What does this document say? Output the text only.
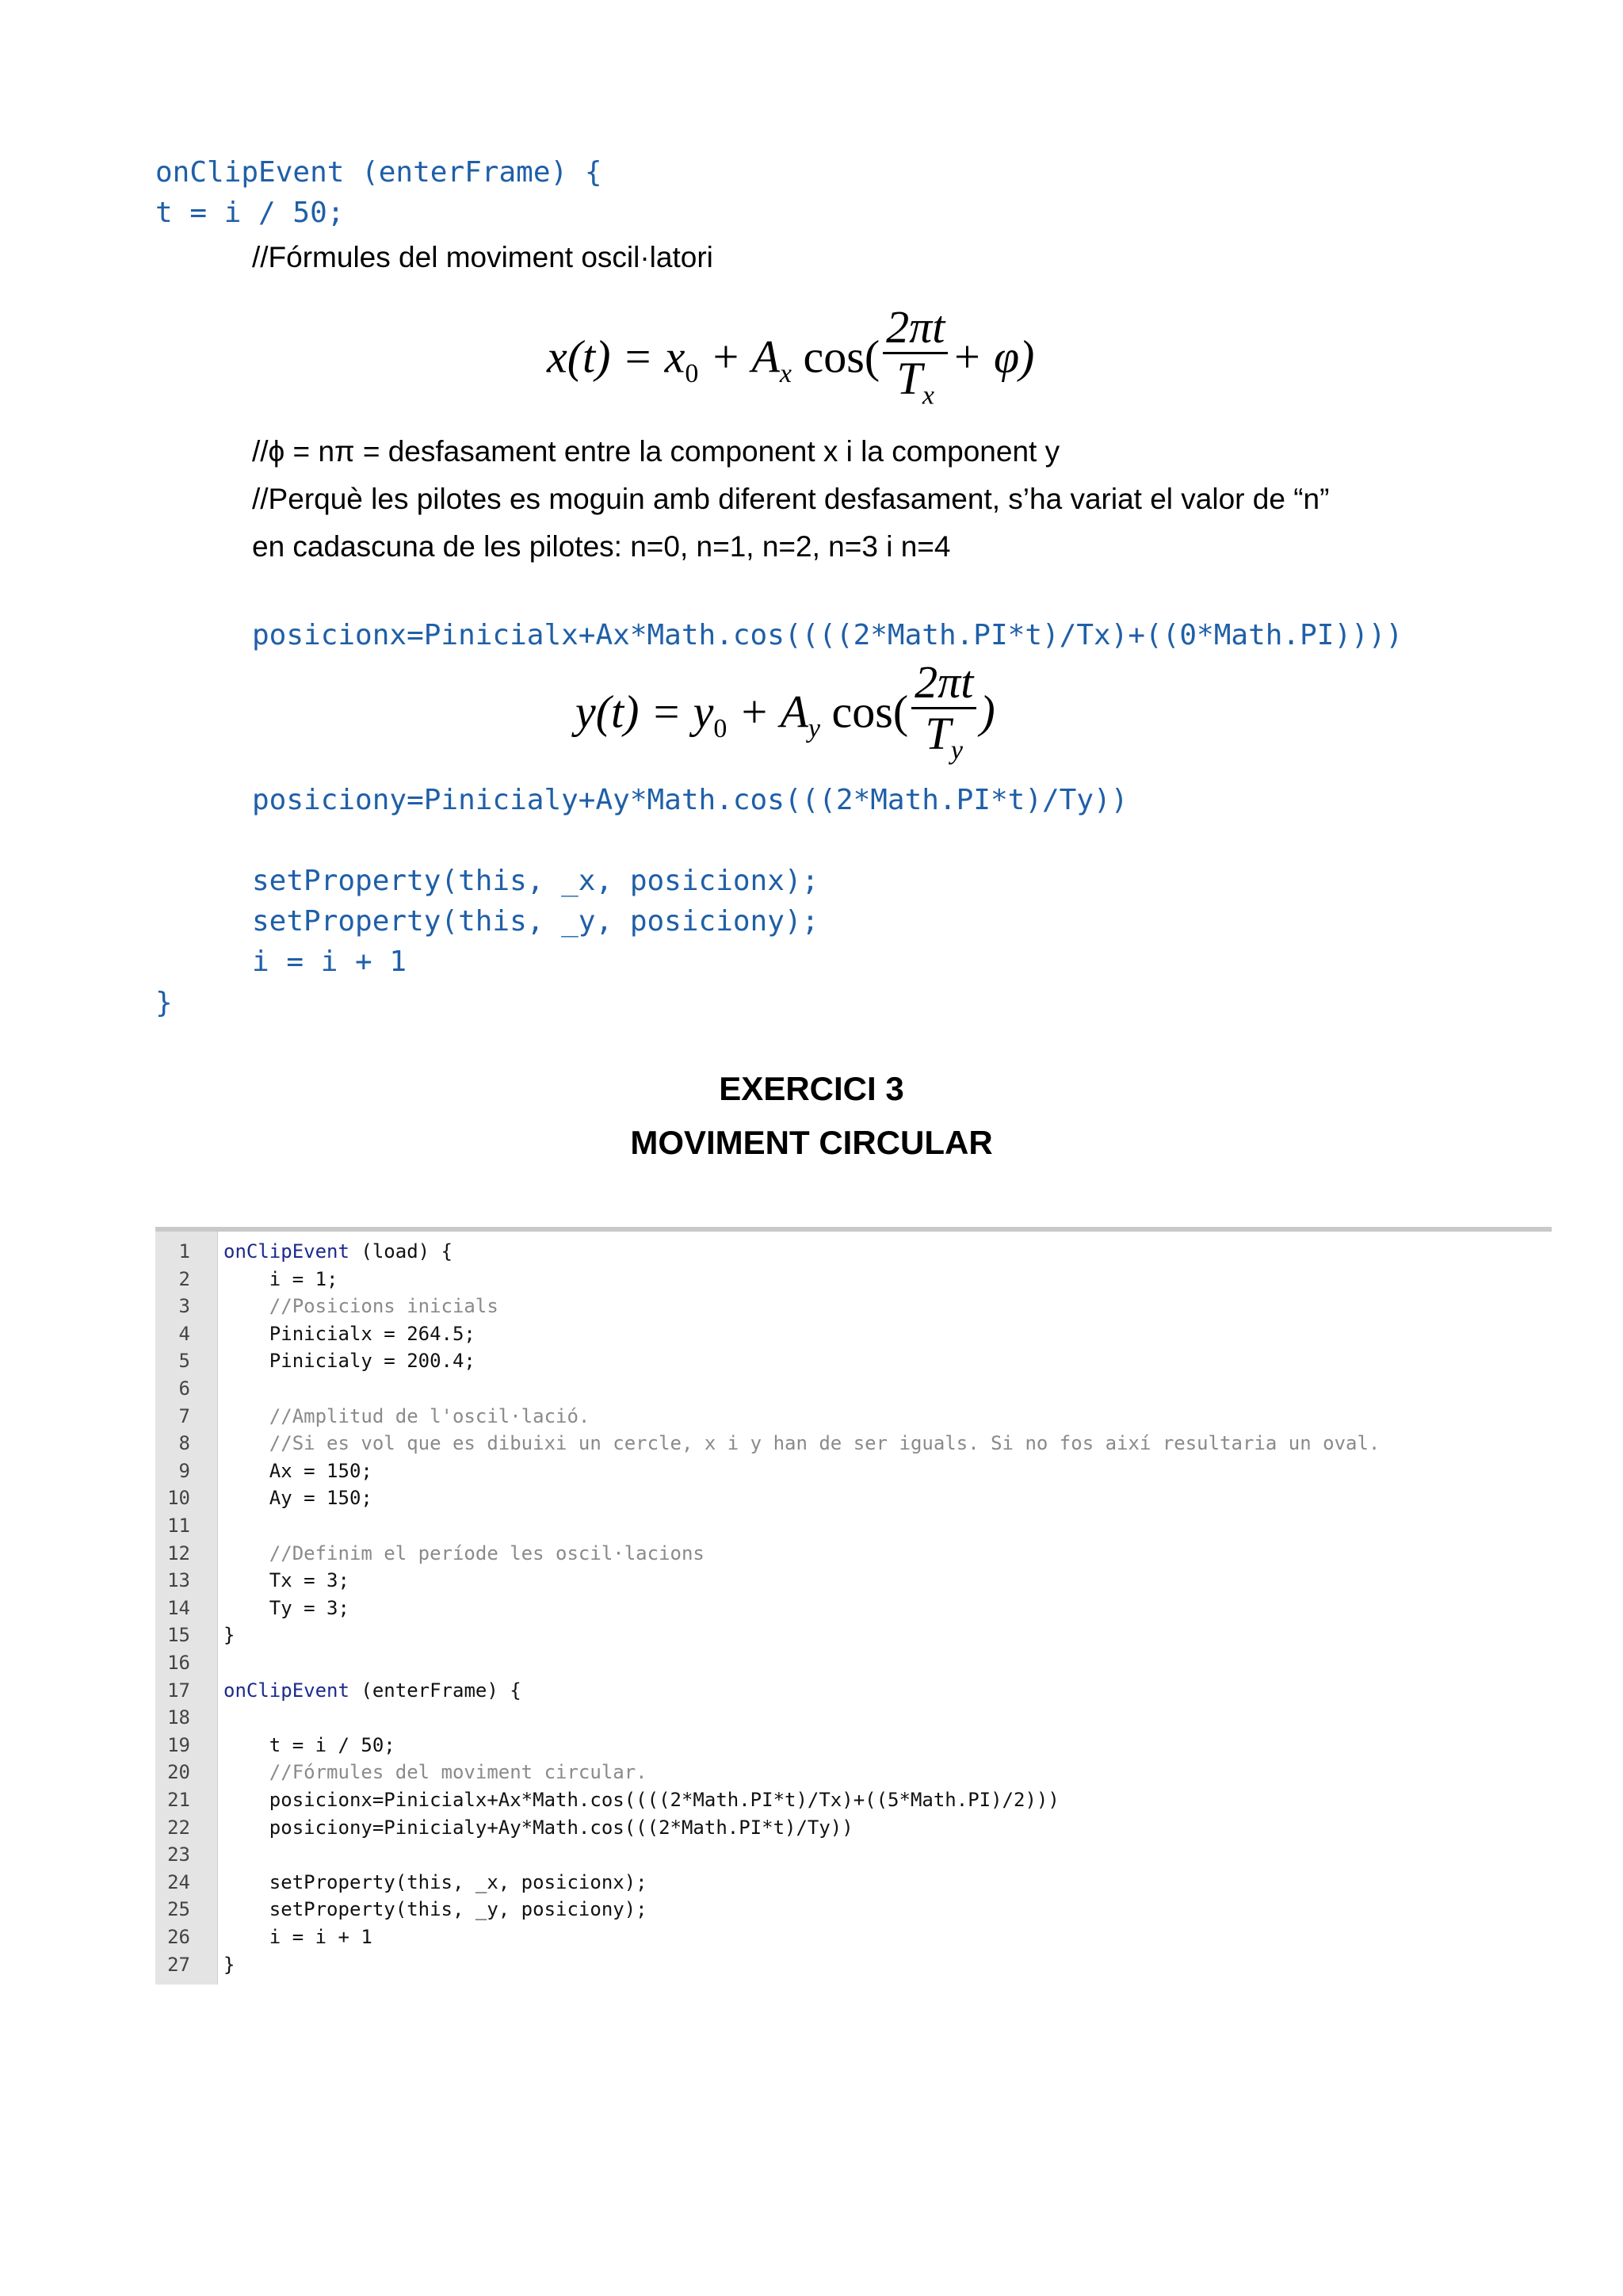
onClipEvent (enterFrame) {
t = i / 50;
//Fórmules del moviment oscil·latori
$x(t) = x_0 + A_x$ $\cos( \frac{2\pi t}{T_x} + \varphi)$
//ϕ = nπ = desfasament entre la component x i la component y
//Perquè les pilotes es moguin amb diferent desfasament, s’ha variat el valor de “n”
en cadascuna de les pilotes: n=0, n=1, n=2, n=3 i n=4
posicionx=Pinicialx+Ax*Math.cos((((2*Math.PI*t)/Tx)+((0*Math.PI))))
$y(t) = y_0 + A_y$ $\cos( \frac{2\pi t}{T_y}$ )
posiciony=Pinicialy+Ay*Math.cos(((2*Math.PI*t)/Ty))
setProperty(this, _x, posicionx);
setProperty(this, _y, posiciony);
i = i + 1
}
EXERCICI 3
MOVIMENT CIRCULAR
1
2
3
4
5
6
7
8
9
10
11
12
13
14
15
16
17
18
19
20
21
22
23
24
25
26
27
onClipEvent (load) {
i = 1;
//Posicions inicials
Pinicialx = 264.5;
Pinicialy = 200.4;
//Amplitud de l'oscil·lació.
//Si es vol que es dibuixi un cercle, x i y han de ser iguals. Si no fos així resultaria un oval.
Ax = 150;
Ay = 150;
//Definim el període les oscil·lacions
Tx = 3;
Ty = 3;
}
onClipEvent (enterFrame) {
t = i / 50;
//Fórmules del moviment circular.
posicionx=Pinicialx+Ax*Math.cos((((2*Math.PI*t)/Tx)+((5*Math.PI)/2)))
posiciony=Pinicialy+Ay*Math.cos(((2*Math.PI*t)/Ty))
setProperty(this, _x, posicionx);
setProperty(this, _y, posiciony);
i = i + 1
}
